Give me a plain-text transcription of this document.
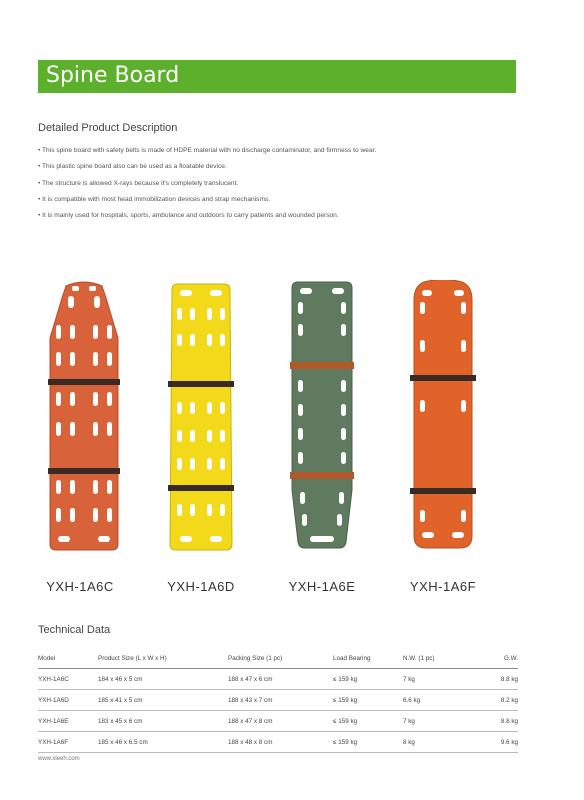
Spine Board
Detailed Product Description
• This spine board with safety belts is made of HDPE material with no discharge contaminator, and firmness to wear.
• This plastic spine board also can be used as a floatable device.
• The structure is allowed X-rays because it's completely translucent.
• It is compatible with most head immobilization devices and strap mechanisms.
• It is mainly used for hospitals, sports, ambulance and outdoors to carry patients and wounded person.
YXH-1A6C	YXH-1A6D	YXH-1A6E	YXH-1A6F
Technical Data
Model	Product Size (L x W x H)	Packing Size (1 pc)	Load Bearing	N.W. (1 pc)	G.W.
YXH-1A6C	184 x 46 x 5 cm	188 x 47 x 6 cm	≤ 159 kg	7 kg	8.8 kg
YXH-1A6D	185 x 41 x 5 cm	188 x 43 x 7 cm	≤ 159 kg	6.6 kg	8.2 kg
YXH-1A6E	183 x 45 x 6 cm	188 x 47 x 8 cm	≤ 159 kg	7 kg	8.8 kg
YXH-1A6F	185 x 46 x 6.5 cm	188 x 48 x 8 cm	≤ 159 kg	8 kg	9.6 kg
www.xieeh.com
